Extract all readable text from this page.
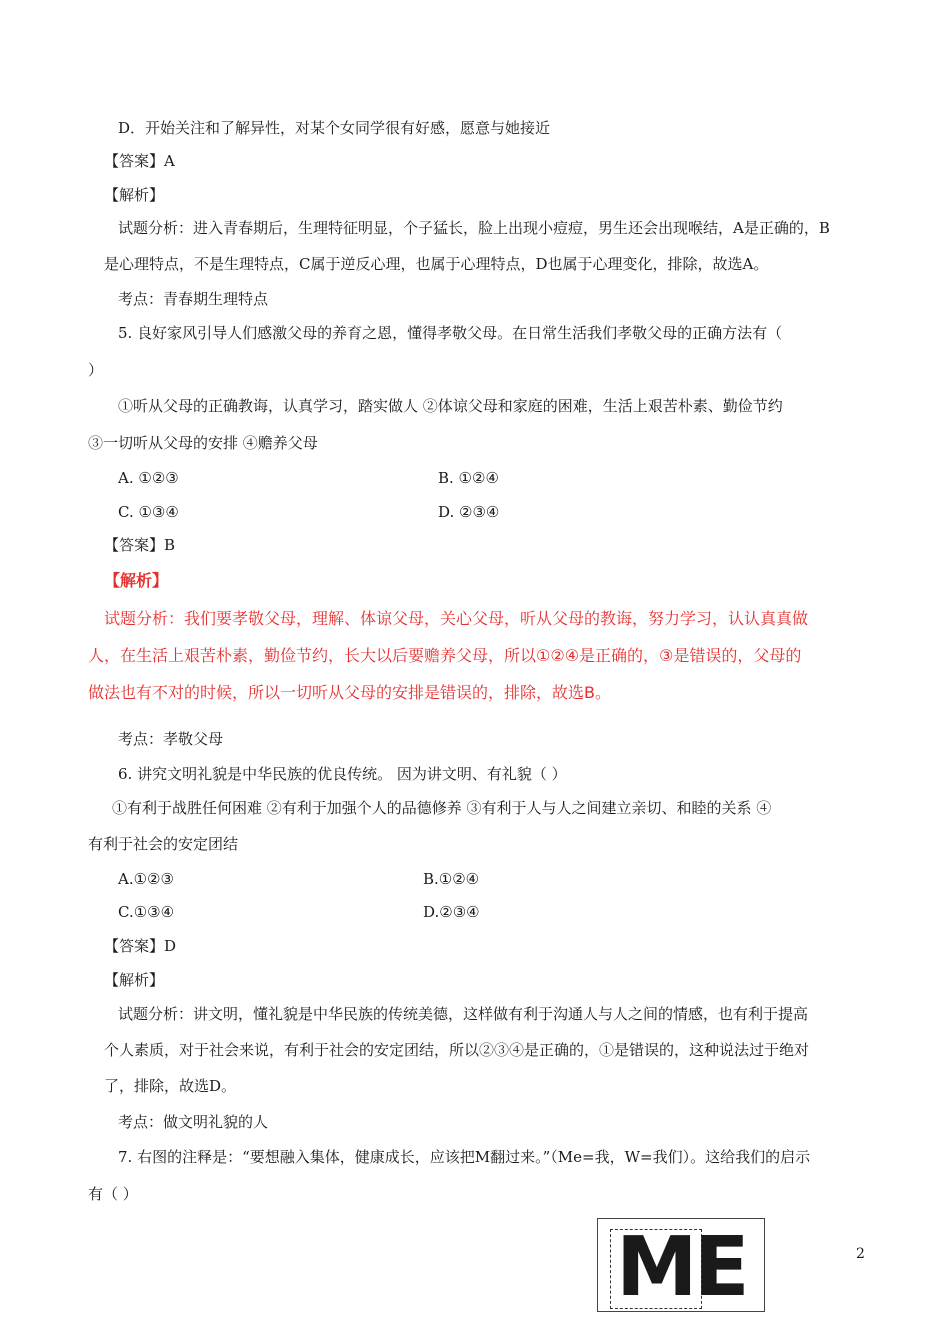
D．开始关注和了解异性，对某个女同学很有好感，愿意与她接近
【答案】A
【解析】
试题分析：进入青春期后，生理特征明显，个子猛长，脸上出现小痘痘，男生还会出现喉结，A是正确的，B
是心理特点，不是生理特点，C属于逆反心理，也属于心理特点，D也属于心理变化，排除，故选A。
考点：青春期生理特点
5. 良好家风引导人们感激父母的养育之恩，懂得孝敬父母。在日常生活我们孝敬父母的正确方法有（
）
①听从父母的正确教诲，认真学习，踏实做人 ②体谅父母和家庭的困难，生活上艰苦朴素、勤俭节约
③一切听从父母的安排 ④赡养父母
A. ①②③	B. ①②④
C. ①③④	D. ②③④
【答案】B
【解析】
试题分析：我们要孝敬父母，理解、体谅父母，关心父母，听从父母的教诲，努力学习，认认真真做
人，在生活上艰苦朴素，勤俭节约，长大以后要赡养父母，所以①②④是正确的，③是错误的，父母的
做法也有不对的时候，所以一切听从父母的安排是错误的，排除，故选B。
考点：孝敬父母
6. 讲究文明礼貌是中华民族的优良传统。 因为讲文明、有礼貌（ ）
①有利于战胜任何困难 ②有利于加强个人的品德修养 ③有利于人与人之间建立亲切、和睦的关系 ④
有利于社会的安定团结
A.①②③	B.①②④
C.①③④	D.②③④
【答案】D
【解析】
试题分析：讲文明，懂礼貌是中华民族的传统美德，这样做有利于沟通人与人之间的情感，也有利于提高
个人素质，对于社会来说，有利于社会的安定团结，所以②③④是正确的，①是错误的，这种说法过于绝对
了，排除，故选D。
考点：做文明礼貌的人
7. 右图的注释是：“要想融入集体，健康成长，应该把M翻过来。”（Me=我，W=我们）。这给我们的启示
有（ ）
ME	2
